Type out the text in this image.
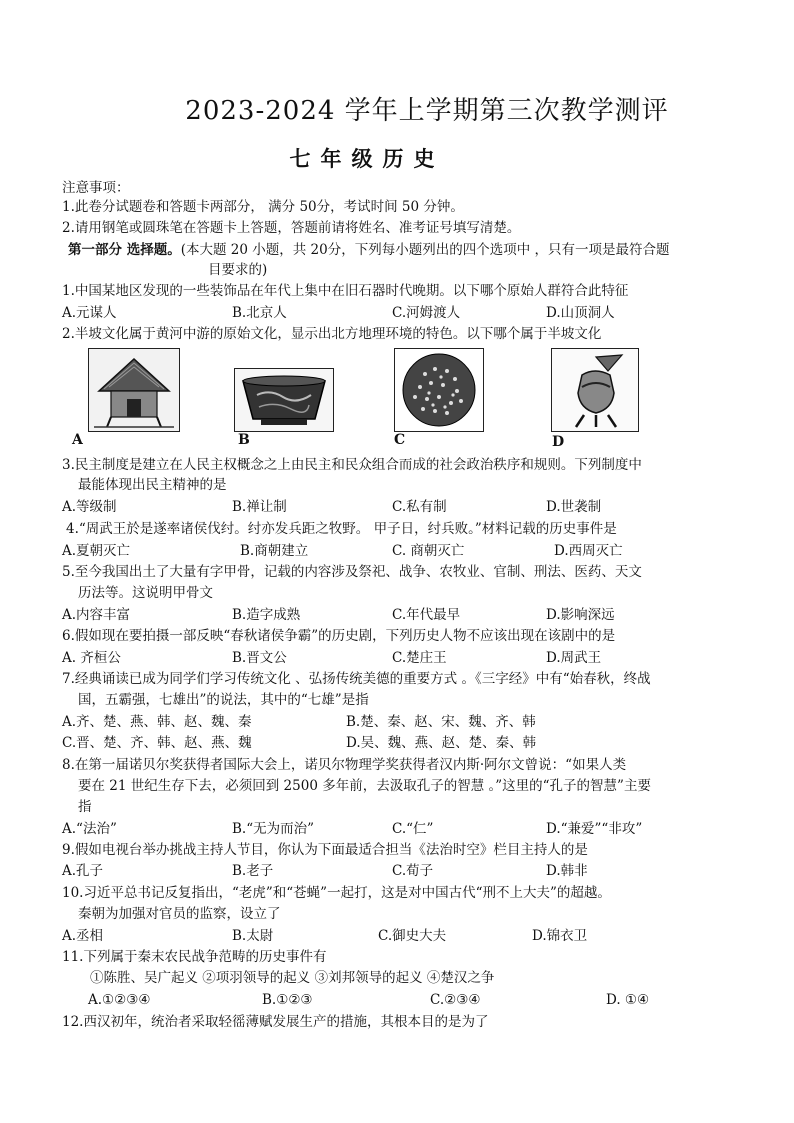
2023-2024 学年上学期第三次教学测评
七年级历史
注意事项：
1.此卷分试题卷和答题卡两部分， 满分 50分，考试时间 50 分钟。
2.请用钢笔或圆珠笔在答题卡上答题，答题前请将姓名、准考证号填写清楚。
第一部分 选择题。(本大题 20 小题，共 20分，下列每小题列出的四个选项中 ，只有一项是最符合题
目要求的)
1.中国某地区发现的一些装饰品在年代上集中在旧石器时代晚期。以下哪个原始人群符合此特征
A.元谋人	B.北京人	C.河姆渡人	D.山顶洞人
2.半坡文化属于黄河中游的原始文化，显示出北方地理环境的特色。以下哪个属于半坡文化
A	B	C	D
3.民主制度是建立在人民主权概念之上由民主和民众组合而成的社会政治秩序和规则。下列制度中
最能体现出民主精神的是
A.等级制	B.禅让制	C.私有制	D.世袭制
4.“周武王於是遂率诸侯伐纣。纣亦发兵距之牧野。 甲子日，纣兵败。”材料记载的历史事件是
A.夏朝灭亡	B.商朝建立	C. 商朝灭亡	D.西周灭亡
5.至今我国出土了大量有字甲骨，记载的内容涉及祭祀、战争、农牧业、官制、刑法、医药、天文
历法等。这说明甲骨文
A.内容丰富	B.造字成熟	C.年代最早	D.影响深远
6.假如现在要拍摄一部反映“春秋诸侯争霸”的历史剧，下列历史人物不应该出现在该剧中的是
A. 齐桓公	B.晋文公	C.楚庄王	D.周武王
7.经典诵读已成为同学们学习传统文化 、弘扬传统美德的重要方式 。《三字经》中有“始春秋，终战
国，五霸强，七雄出”的说法，其中的“七雄”是指
A.齐、楚、燕、韩、赵、魏、秦	B.楚、秦、赵、宋、魏、齐、韩
C.晋、楚、齐、韩、赵、燕、魏	D.吴、魏、燕、赵、楚、秦、韩
8.在第一届诺贝尔奖获得者国际大会上，诺贝尔物理学奖获得者汉内斯·阿尔文曾说：“如果人类
要在 21 世纪生存下去，必须回到 2500 多年前，去汲取孔子的智慧 。”这里的“孔子的智慧”主要
指
A.“法治”	B.“无为而治”	C.“仁”	D.“兼爱”“非攻”
9.假如电视台举办挑战主持人节目，你认为下面最适合担当《法治时空》栏目主持人的是
A.孔子	B.老子	C.荀子	D.韩非
10.习近平总书记反复指出，“老虎”和“苍蝇”一起打，这是对中国古代“刑不上大夫”的超越。
秦朝为加强对官员的监察，设立了
A.丞相	B.太尉	C.御史大夫	D.锦衣卫
11.下列属于秦末农民战争范畴的历史事件有
①陈胜、吴广起义 ②项羽领导的起义 ③刘邦领导的起义 ④楚汉之争
A.①②③④	B.①②③	C.②③④	D. ①④
12.西汉初年，统治者采取轻徭薄赋发展生产的措施，其根本目的是为了
